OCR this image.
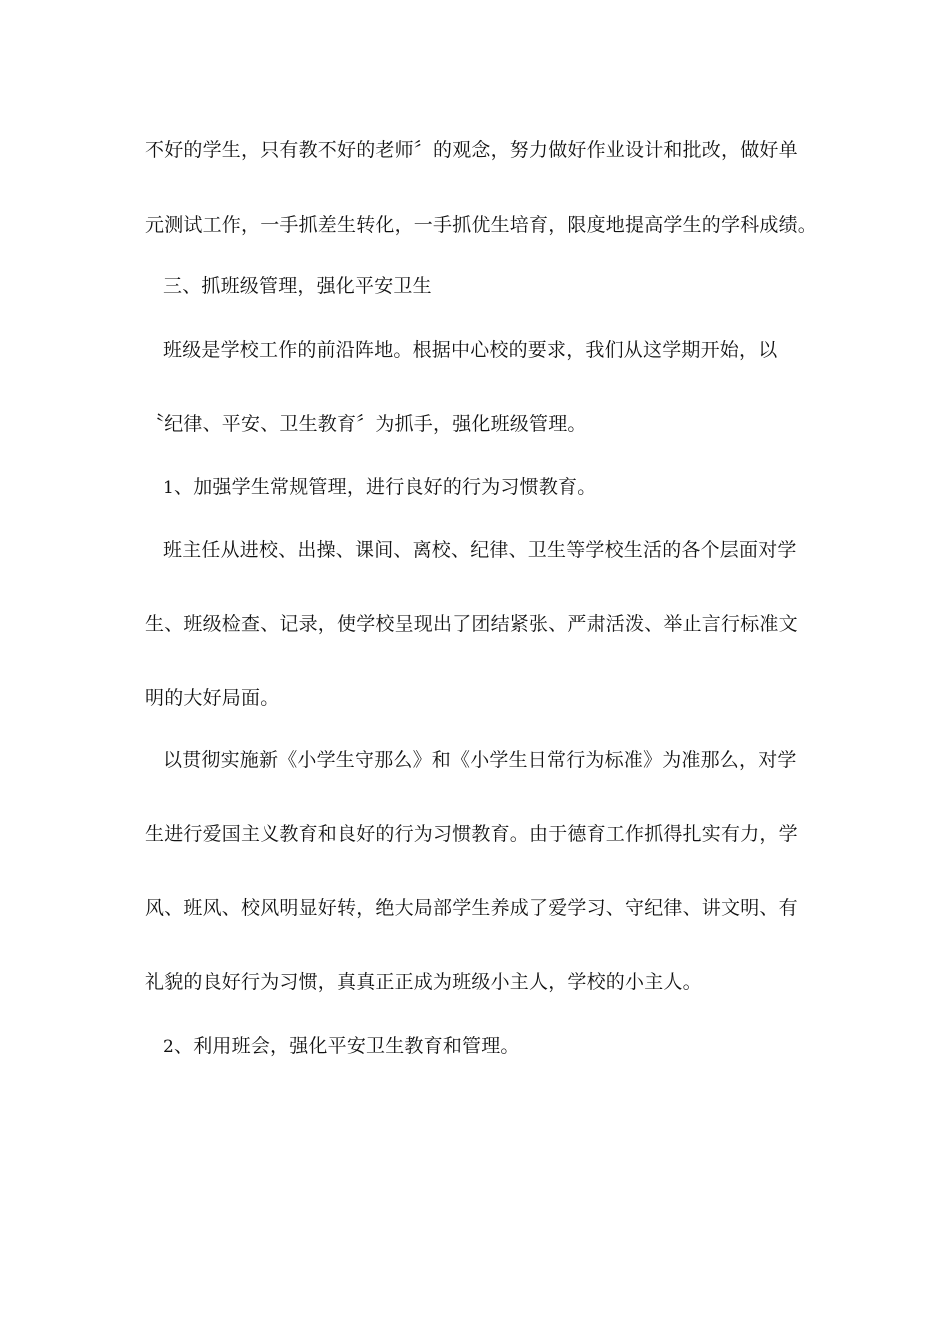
不好的学生，只有教不好的老师〞的观念，努力做好作业设计和批改，做好单
元测试工作，一手抓差生转化，一手抓优生培育，限度地提高学生的学科成绩。
三、抓班级管理，强化平安卫生
班级是学校工作的前沿阵地。根据中心校的要求，我们从这学期开始，以
〝纪律、平安、卫生教育〞为抓手，强化班级管理。
1、加强学生常规管理，进行良好的行为习惯教育。
班主任从进校、出操、课间、离校、纪律、卫生等学校生活的各个层面对学
生、班级检查、记录，使学校呈现出了团结紧张、严肃活泼、举止言行标准文
明的大好局面。
以贯彻实施新《小学生守那么》和《小学生日常行为标准》为准那么，对学
生进行爱国主义教育和良好的行为习惯教育。由于德育工作抓得扎实有力，学
风、班风、校风明显好转，绝大局部学生养成了爱学习、守纪律、讲文明、有
礼貌的良好行为习惯，真真正正成为班级小主人，学校的小主人。
2、利用班会，强化平安卫生教育和管理。
